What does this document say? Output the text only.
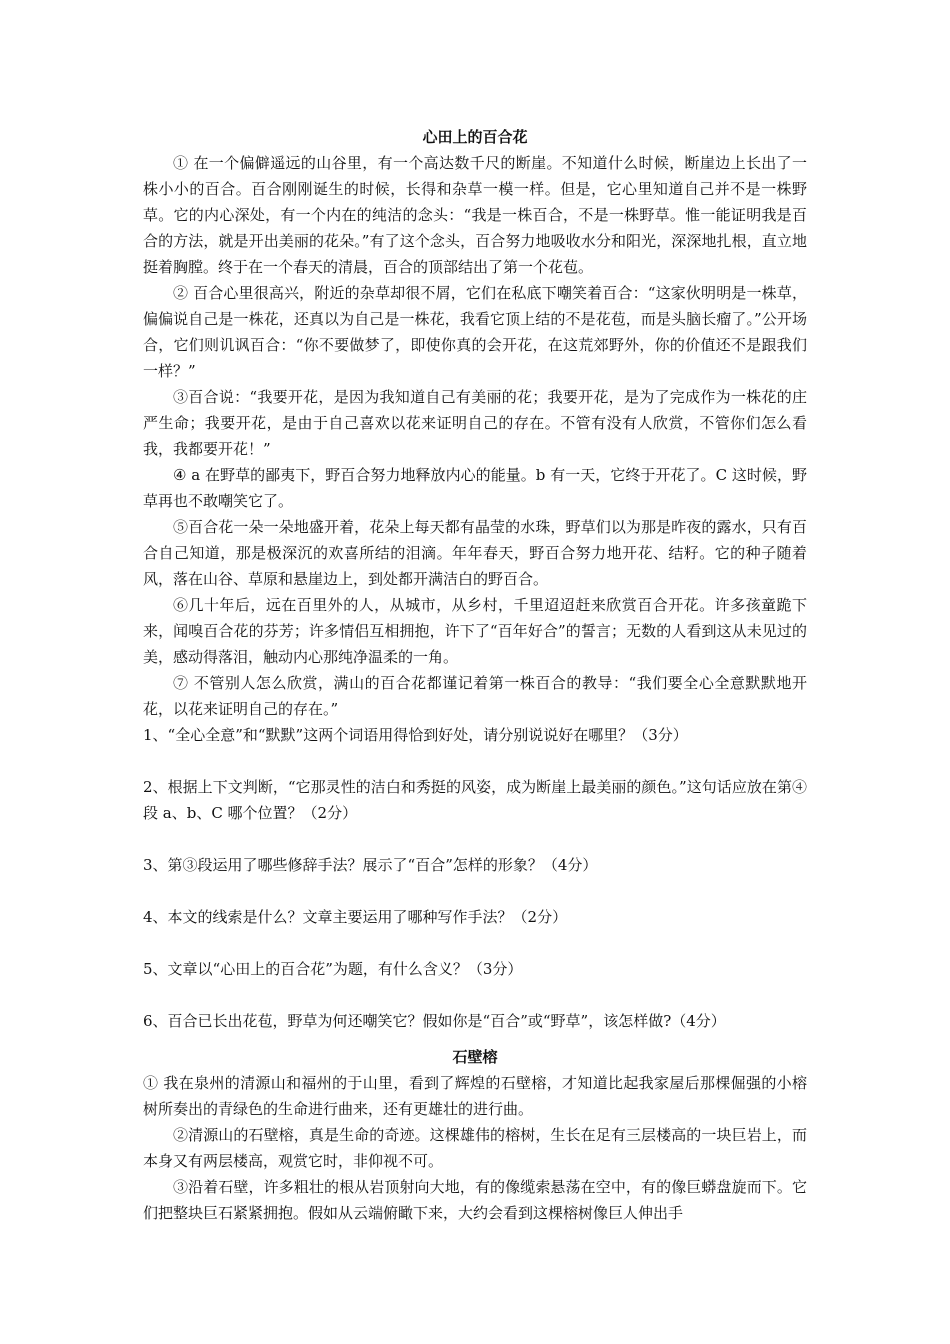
心田上的百合花

① 在一个偏僻遥远的山谷里，有一个高达数千尺的断崖。不知道什么时候，断崖边上长出了一株小小的百合。百合刚刚诞生的时候，长得和杂草一模一样。但是，它心里知道自己并不是一株野草。它的内心深处，有一个内在的纯洁的念头：“我是一株百合，不是一株野草。惟一能证明我是百合的方法，就是开出美丽的花朵。”有了这个念头，百合努力地吸收水分和阳光，深深地扎根，直立地挺着胸膛。终于在一个春天的清晨，百合的顶部结出了第一个花苞。

② 百合心里很高兴，附近的杂草却很不屑，它们在私底下嘲笑着百合：“这家伙明明是一株草，偏偏说自己是一株花，还真以为自己是一株花，我看它顶上结的不是花苞，而是头脑长瘤了。”公开场合，它们则讥讽百合：“你不要做梦了，即使你真的会开花，在这荒郊野外，你的价值还不是跟我们一样？”

③百合说：“我要开花，是因为我知道自己有美丽的花；我要开花，是为了完成作为一株花的庄严生命；我要开花，是由于自己喜欢以花来证明自己的存在。不管有没有人欣赏，不管你们怎么看我，我都要开花！”

④ a 在野草的鄙夷下，野百合努力地释放内心的能量。b 有一天，它终于开花了。C 这时候，野草再也不敢嘲笑它了。

⑤百合花一朵一朵地盛开着，花朵上每天都有晶莹的水珠，野草们以为那是昨夜的露水，只有百合自己知道，那是极深沉的欢喜所结的泪滴。年年春天，野百合努力地开花、结籽。它的种子随着风，落在山谷、草原和悬崖边上，到处都开满洁白的野百合。

⑥几十年后，远在百里外的人，从城市，从乡村，千里迢迢赶来欣赏百合开花。许多孩童跪下来，闻嗅百合花的芬芳；许多情侣互相拥抱，许下了“百年好合”的誓言；无数的人看到这从未见过的美，感动得落泪，触动内心那纯净温柔的一角。

⑦ 不管别人怎么欣赏，满山的百合花都谨记着第一株百合的教导：“我们要全心全意默默地开花，以花来证明自己的存在。”

1、“全心全意”和“默默”这两个词语用得恰到好处，请分别说说好在哪里？（3分）

2、根据上下文判断，“它那灵性的洁白和秀挺的风姿，成为断崖上最美丽的颜色。”这句话应放在第④段 a、b、C 哪个位置？（2分）

3、第③段运用了哪些修辞手法？展示了“百合”怎样的形象？（4分）

4、本文的线索是什么？文章主要运用了哪种写作手法？（2分）

5、文章以“心田上的百合花”为题，有什么含义？（3分）

6、百合已长出花苞，野草为何还嘲笑它？假如你是“百合”或“野草”，该怎样做?（4分）

石壁榕

① 我在泉州的清源山和福州的于山里，看到了辉煌的石壁榕，才知道比起我家屋后那棵倔强的小榕树所奏出的青绿色的生命进行曲来，还有更雄壮的进行曲。

②清源山的石壁榕，真是生命的奇迹。这棵雄伟的榕树，生长在足有三层楼高的一块巨岩上，而本身又有两层楼高，观赏它时，非仰视不可。

③沿着石壁，许多粗壮的根从岩顶射向大地，有的像缆索悬荡在空中，有的像巨蟒盘旋而下。它们把整块巨石紧紧拥抱。假如从云端俯瞰下来，大约会看到这棵榕树像巨人伸出手
